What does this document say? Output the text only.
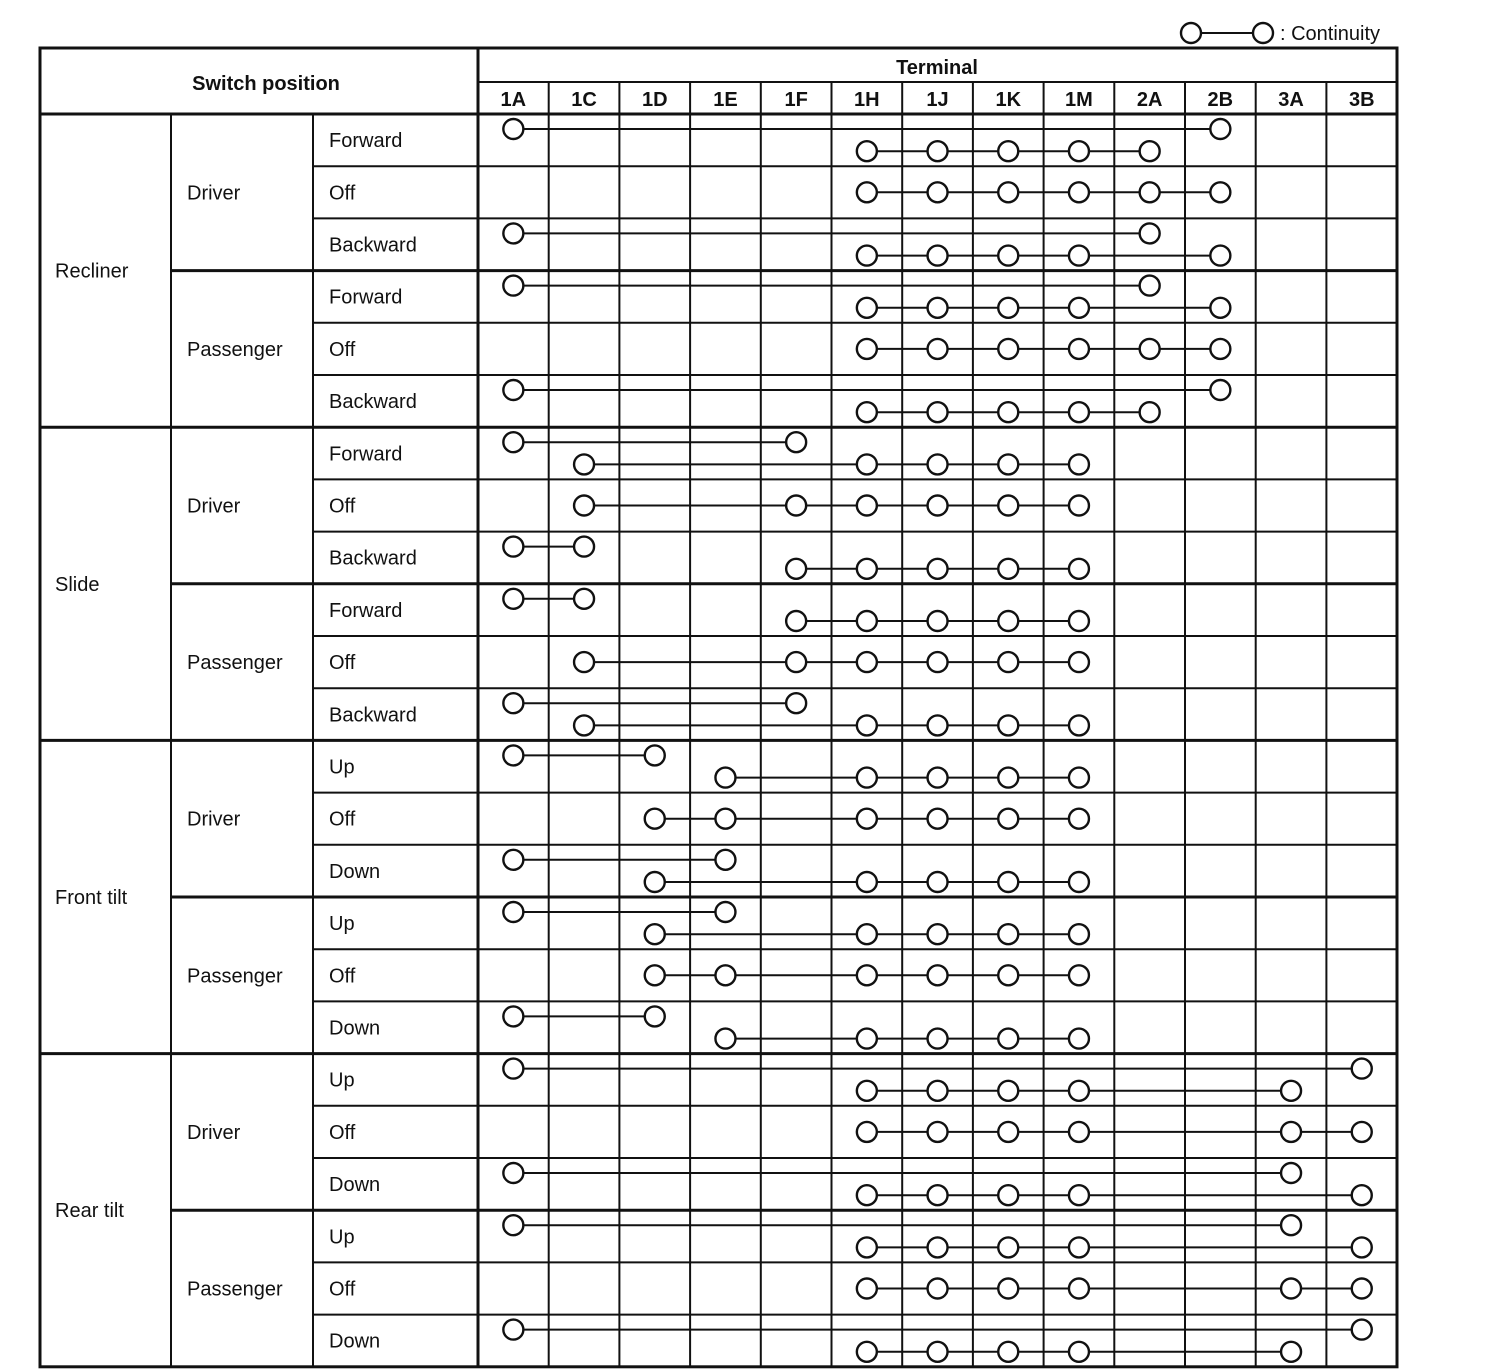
: Continuity
Switch position
Terminal
1A 1C 1D 1E 1F 1H 1J 1K 1M 2A 2B 3A 3B
Forward
Off
Backward
Driver
Forward
Off
Backward
Passenger
Recliner
Forward
Off
Backward
Driver
Forward
Off
Backward
Passenger
Slide
Up
Off
Down
Driver
Up
Off
Down
Passenger
Front tilt
Up
Off
Down
Driver
Up
Off
Down
Passenger
Rear tilt
